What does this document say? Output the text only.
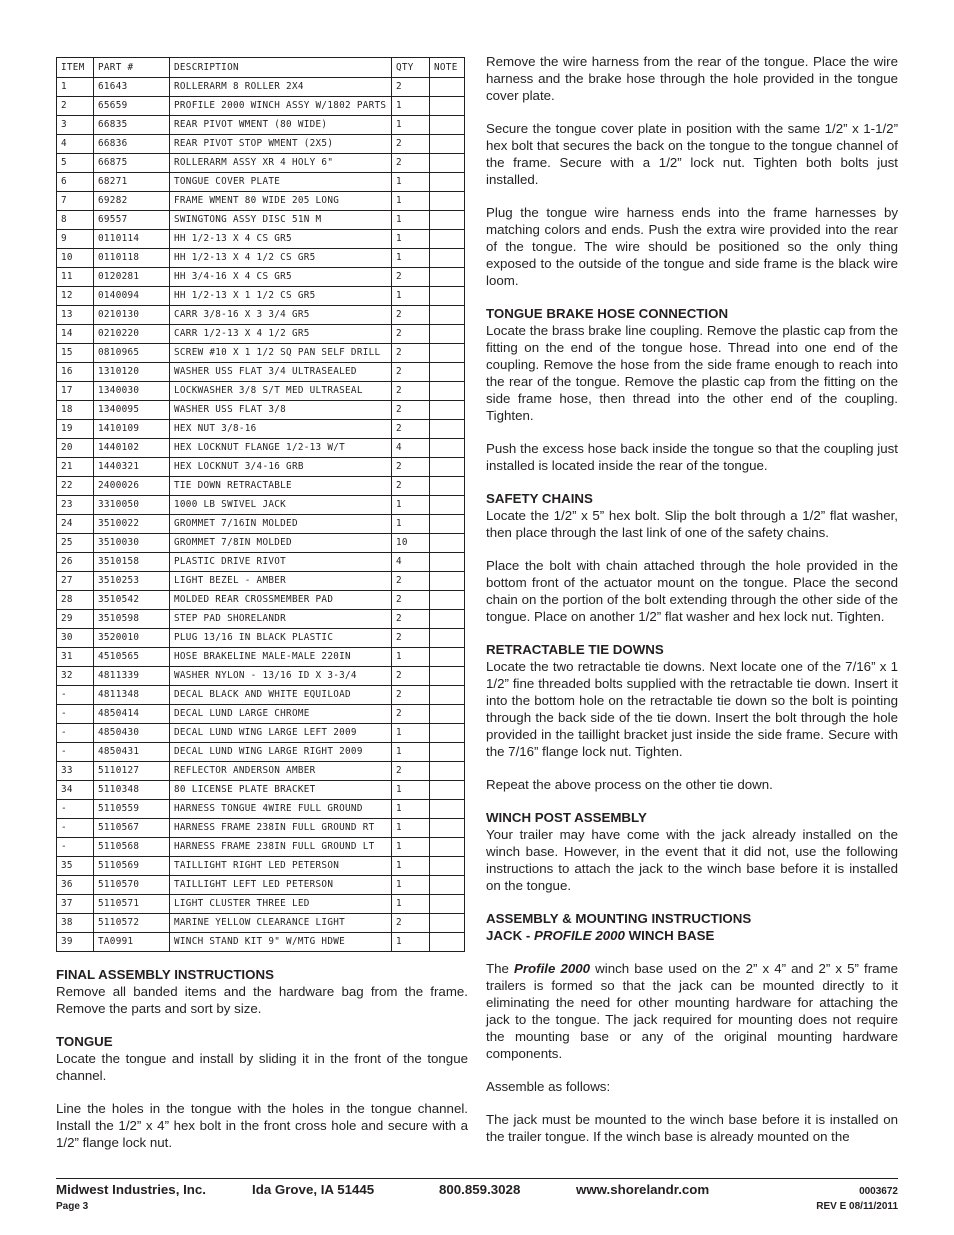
ITEM	PART #	DESCRIPTION	QTY	NOTE
1	61643	ROLLERARM 8 ROLLER 2X4	2	
2	65659	PROFILE 2000 WINCH ASSY W/1802 PARTS	1	
3	66835	REAR PIVOT WMENT (80 WIDE)	1	
4	66836	REAR PIVOT STOP WMENT (2X5)	2	
5	66875	ROLLERARM ASSY XR 4 HOLY 6"	2	
6	68271	TONGUE COVER PLATE	1	
7	69282	FRAME WMENT 80 WIDE 205 LONG	1	
8	69557	SWINGTONG ASSY DISC 51N M	1	
9	0110114	HH 1/2-13 X 4 CS GR5	1	
10	0110118	HH 1/2-13 X 4 1/2 CS GR5	1	
11	0120281	HH 3/4-16 X 4 CS GR5	2	
12	0140094	HH 1/2-13 X 1 1/2 CS GR5	1	
13	0210130	CARR 3/8-16 X 3 3/4 GR5	2	
14	0210220	CARR 1/2-13 X 4 1/2 GR5	2	
15	0810965	SCREW #10 X 1 1/2 SQ PAN SELF DRILL	2	
16	1310120	WASHER USS FLAT 3/4 ULTRASEALED	2	
17	1340030	LOCKWASHER 3/8 S/T MED ULTRASEAL	2	
18	1340095	WASHER USS FLAT 3/8	2	
19	1410109	HEX NUT 3/8-16	2	
20	1440102	HEX LOCKNUT FLANGE 1/2-13 W/T	4	
21	1440321	HEX LOCKNUT 3/4-16 GRB	2	
22	2400026	TIE DOWN RETRACTABLE	2	
23	3310050	1000 LB SWIVEL JACK	1	
24	3510022	GROMMET 7/16IN MOLDED	1	
25	3510030	GROMMET 7/8IN MOLDED	10	
26	3510158	PLASTIC DRIVE RIVOT	4	
27	3510253	LIGHT BEZEL - AMBER	2	
28	3510542	MOLDED REAR CROSSMEMBER PAD	2	
29	3510598	STEP PAD SHORELANDR	2	
30	3520010	PLUG 13/16 IN BLACK PLASTIC	2	
31	4510565	HOSE BRAKELINE MALE-MALE 220IN	1	
32	4811339	WASHER NYLON - 13/16 ID X 3-3/4	2	
-	4811348	DECAL BLACK AND WHITE EQUILOAD	2	
-	4850414	DECAL LUND LARGE CHROME	2	
-	4850430	DECAL LUND WING LARGE LEFT 2009	1	
-	4850431	DECAL LUND WING LARGE RIGHT 2009	1	
33	5110127	REFLECTOR ANDERSON AMBER	2	
34	5110348	80 LICENSE PLATE BRACKET	1	
-	5110559	HARNESS TONGUE 4WIRE FULL GROUND	1	
-	5110567	HARNESS FRAME 238IN FULL GROUND RT	1	
-	5110568	HARNESS FRAME 238IN FULL GROUND LT	1	
35	5110569	TAILLIGHT RIGHT LED PETERSON	1	
36	5110570	TAILLIGHT LEFT LED PETERSON	1	
37	5110571	LIGHT CLUSTER THREE LED	1	
38	5110572	MARINE YELLOW CLEARANCE LIGHT	2	
39	TA0991	WINCH STAND KIT 9" W/MTG HDWE	1	
FINAL ASSEMBLY INSTRUCTIONS

Remove all banded items and the hardware bag from the frame. Remove the parts and sort by size.

TONGUE

Locate the tongue and install by sliding it in the front of the tongue channel.

Line the holes in the tongue with the holes in the tongue channel. Install the 1/2” x 4” hex bolt in the front cross hole and secure with a 1/2” flange lock nut.

Remove the wire harness from the rear of the tongue. Place the wire harness and the brake hose through the hole provided in the tongue cover plate.

Secure the tongue cover plate in position with the same 1/2” x 1-1/2” hex bolt that secures the back on the tongue to the tongue channel of the frame. Secure with a 1/2” lock nut. Tighten both bolts just installed.

Plug the tongue wire harness ends into the frame harnesses by matching colors and ends. Push the extra wire provided into the rear of the tongue. The wire should be positioned so the only thing exposed to the outside of the tongue and side frame is the black wire loom.

TONGUE BRAKE HOSE CONNECTION

Locate the brass brake line coupling. Remove the plastic cap from the fitting on the end of the tongue hose. Thread into one end of the coupling. Remove the hose from the side frame enough to reach into the rear of the tongue. Remove the plastic cap from the fitting on the side frame hose, then thread into the other end of the coupling. Tighten.

Push the excess hose back inside the tongue so that the coupling just installed is located inside the rear of the tongue.

SAFETY CHAINS

Locate the 1/2” x 5” hex bolt. Slip the bolt through a 1/2” flat washer, then place through the last link of one of the safety chains.

Place the bolt with chain attached through the hole provided in the bottom front of the actuator mount on the tongue. Place the second chain on the portion of the bolt extending through the other side of the tongue. Place on another 1/2” flat washer and hex lock nut. Tighten.

RETRACTABLE TIE DOWNS

Locate the two retractable tie downs. Next locate one of the 7/16” x 1 1/2” fine threaded bolts supplied with the retractable tie down. Insert it into the bottom hole on the retractable tie down so the bolt is pointing through the back side of the tie down. Insert the bolt through the hole provided in the taillight bracket just inside the side frame. Secure with the 7/16” flange lock nut. Tighten.

Repeat the above process on the other tie down.

WINCH POST ASSEMBLY

Your trailer may have come with the jack already installed on the winch base. However, in the event that it did not, use the following instructions to attach the jack to the winch base before it is installed on the tongue.

ASSEMBLY & MOUNTING INSTRUCTIONS
JACK - PROFILE 2000 WINCH BASE

The Profile 2000 winch base used on the 2” x 4” and 2” x 5” frame trailers is formed so that the jack can be mounted directly to it eliminating the need for other mounting hardware for attaching the jack to the tongue. The jack required for mounting does not require the mounting base or any of the original mounting hardware components.

Assemble as follows:

The jack must be mounted to the winch base before it is installed on the trailer tongue. If the winch base is already mounted on the

Midwest Industries, Inc.	Ida Grove, IA 51445	800.859.3028	www.shorelandr.com	0003672
Page 3	REV E 08/11/2011
